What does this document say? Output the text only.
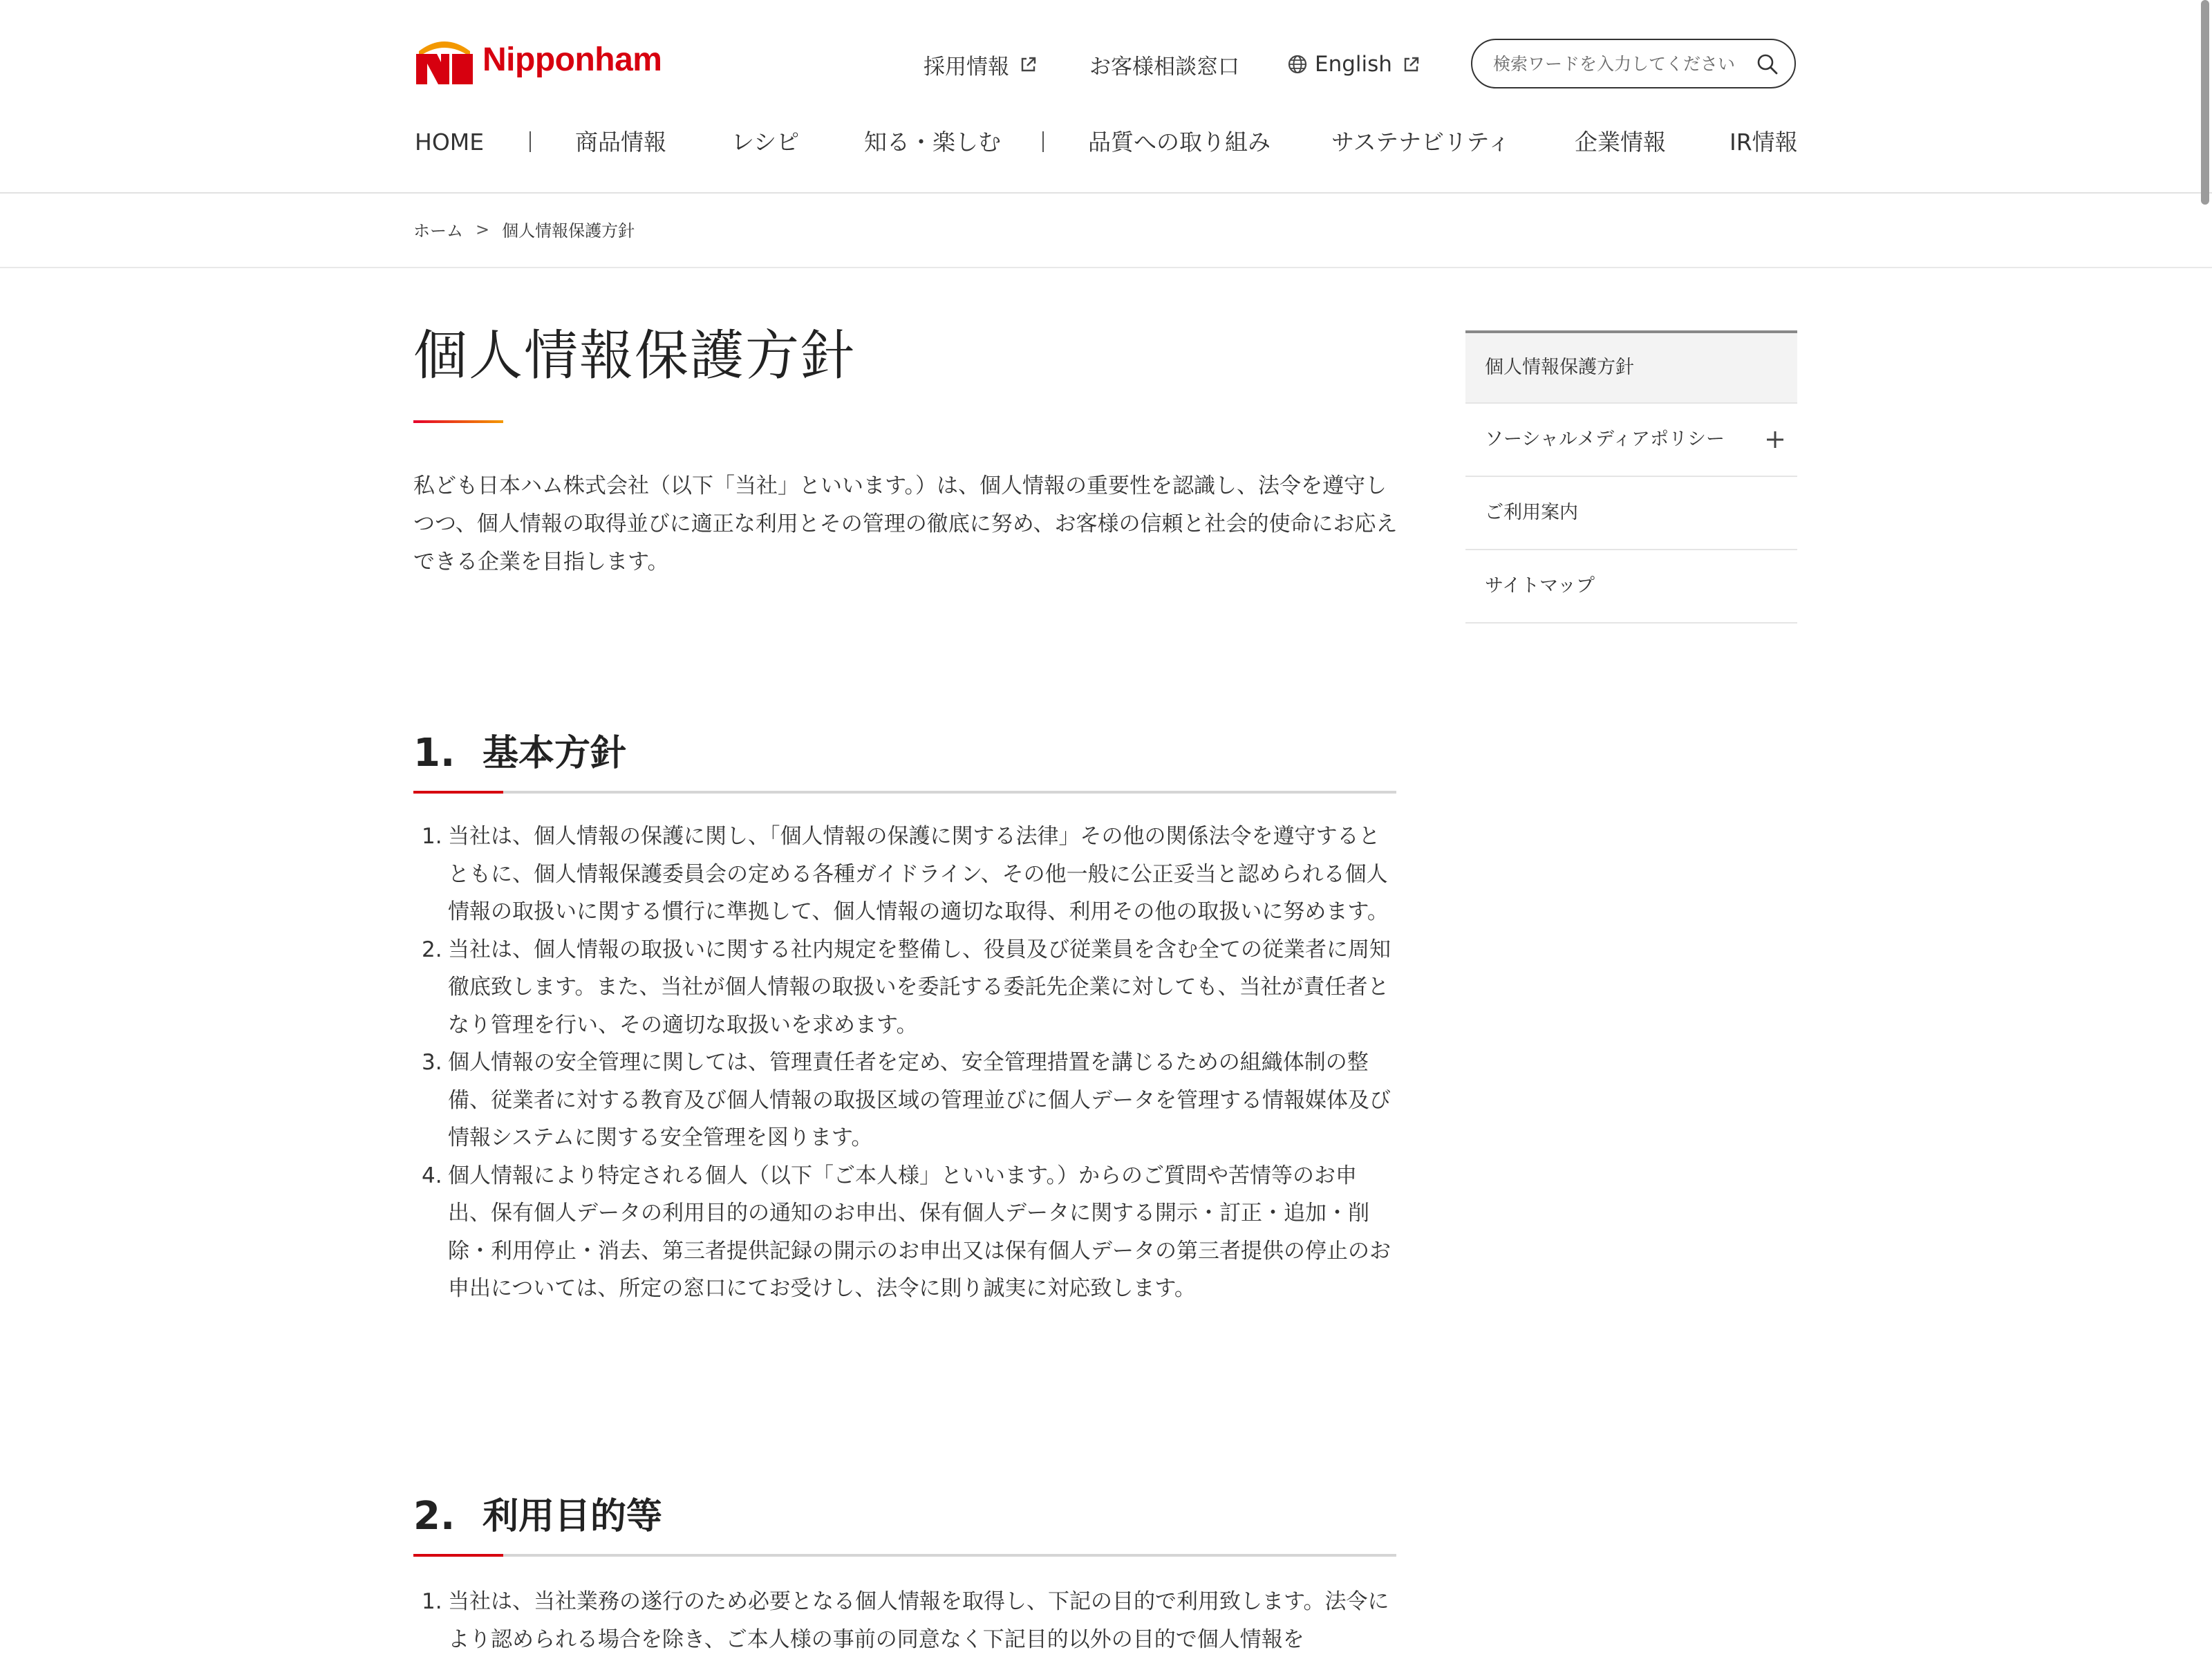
Nipponham	採用情報	お客様相談窓口	English
検索ワードを入力してください
HOME	商品情報	レシピ	知る・楽しむ	品質への取り組み	サステナビリティ	企業情報	IR情報
ホーム > 個人情報保護方針
個人情報保護方針

私ども日本ハム株式会社（以下「当社」といいます。）は、個人情報の重要性を認識し、法令を遵守しつつ、個人情報の取得並びに適正な利用とその管理の徹底に努め、お客様の信頼と社会的使命にお応えできる企業を目指します。

1. 基本方針
1. 当社は、個人情報の保護に関し、「個人情報の保護に関する法律」その他の関係法令を遵守するとともに、個人情報保護委員会の定める各種ガイドライン、その他一般に公正妥当と認められる個人情報の取扱いに関する慣行に準拠して、個人情報の適切な取得、利用その他の取扱いに努めます。
2. 当社は、個人情報の取扱いに関する社内規定を整備し、役員及び従業員を含む全ての従業者に周知徹底致します。また、当社が個人情報の取扱いを委託する委託先企業に対しても、当社が責任者となり管理を行い、その適切な取扱いを求めます。
3. 個人情報の安全管理に関しては、管理責任者を定め、安全管理措置を講じるための組織体制の整備、従業者に対する教育及び個人情報の取扱区域の管理並びに個人データを管理する情報媒体及び情報システムに関する安全管理を図ります。
4. 個人情報により特定される個人（以下「ご本人様」といいます。）からのご質問や苦情等のお申出、保有個人データの利用目的の通知のお申出、保有個人データに関する開示・訂正・追加・削除・利用停止・消去、第三者提供記録の開示のお申出又は保有個人データの第三者提供の停止のお申出については、所定の窓口にてお受けし、法令に則り誠実に対応致します。
2. 利用目的等
1. 当社は、当社業務の遂行のため必要となる個人情報を取得し、下記の目的で利用致します。法令により認められる場合を除き、ご本人様の事前の同意なく下記目的以外の目的で個人情報を
個人情報保護方針
ソーシャルメディアポリシー
ご利用案内
サイトマップ
